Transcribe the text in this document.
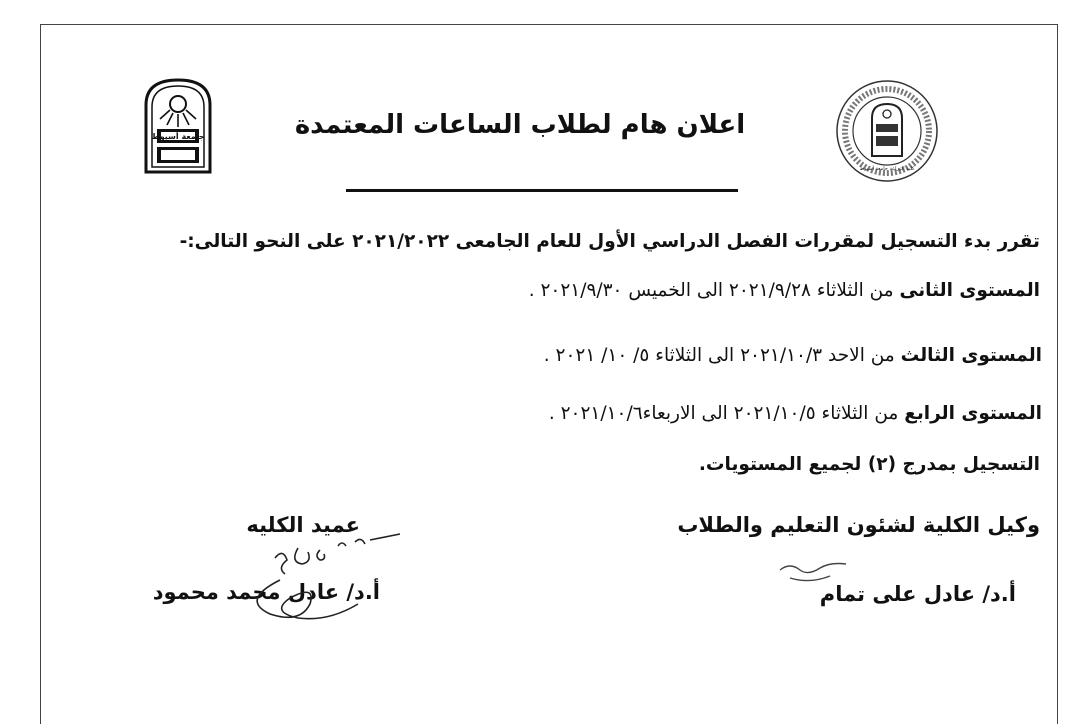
جامعة أسيوط
كلية الزراعة جامعة أسيوط
اعلان هام لطلاب الساعات المعتمدة
تقرر بدء التسجيل لمقررات الفصل الدراسي الأول للعام الجامعى ٢٠٢١/٢٠٢٢ على النحو التالى:-
المستوى الثانى من الثلاثاء ٢٠٢١/٩/٢٨ الى الخميس ٢٠٢١/٩/٣٠ .
المستوى الثالث من الاحد ٢٠٢١/١٠/٣ الى الثلاثاء ٥/ ١٠/ ٢٠٢١ .
المستوى الرابع من الثلاثاء ٢٠٢١/١٠/٥ الى الاربعاء٢٠٢١/١٠/٦ .
التسجيل بمدرج (٢) لجميع المستويات.
وكيل الكلية لشئون التعليم والطلاب
أ.د/ عادل على تمام
عميد الكليه
أ.د/ عادل محمد محمود
